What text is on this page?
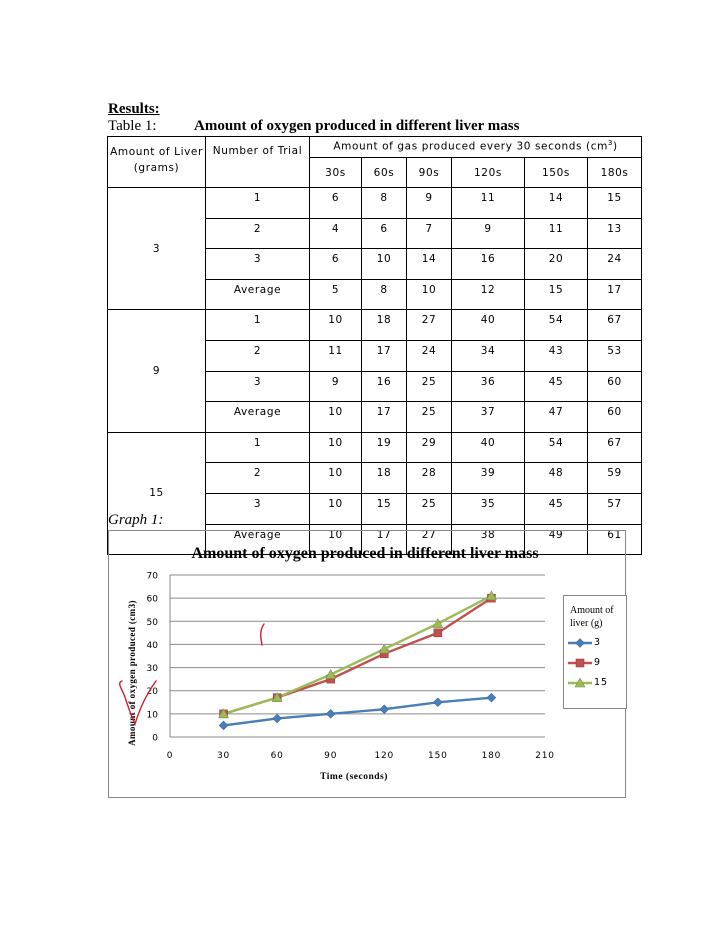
Results:
Table 1: Amount of oxygen produced in different liver mass
Amount of Liver (grams)	Number of Trial	Amount of gas produced every 30 seconds $(cm^3)$					
		30s	60s	90s	120s	150s	180s
3	1	6	8	9	11	14	15
	2	4	6	7	9	11	13
	3	6	10	14	16	20	24
	Average	5	8	10	12	15	17
9	1	10	18	27	40	54	67
	2	11	17	24	34	43	53
	3	9	16	25	36	45	60
	Average	10	17	25	37	47	60
15	1	10	19	29	40	54	67
	2	10	18	28	39	48	59
	3	10	15	25	35	45	57
	Average	10	17	27	38	49	61
Graph 1:
Amount of oxygen produced in different liver mass
Time (seconds)
Amount of oxygen produced (cm3) 0
10
20
30
40
50
60
70
0	30	60	90	120	150	180	210
Amount of liver (g)
3
9
15
